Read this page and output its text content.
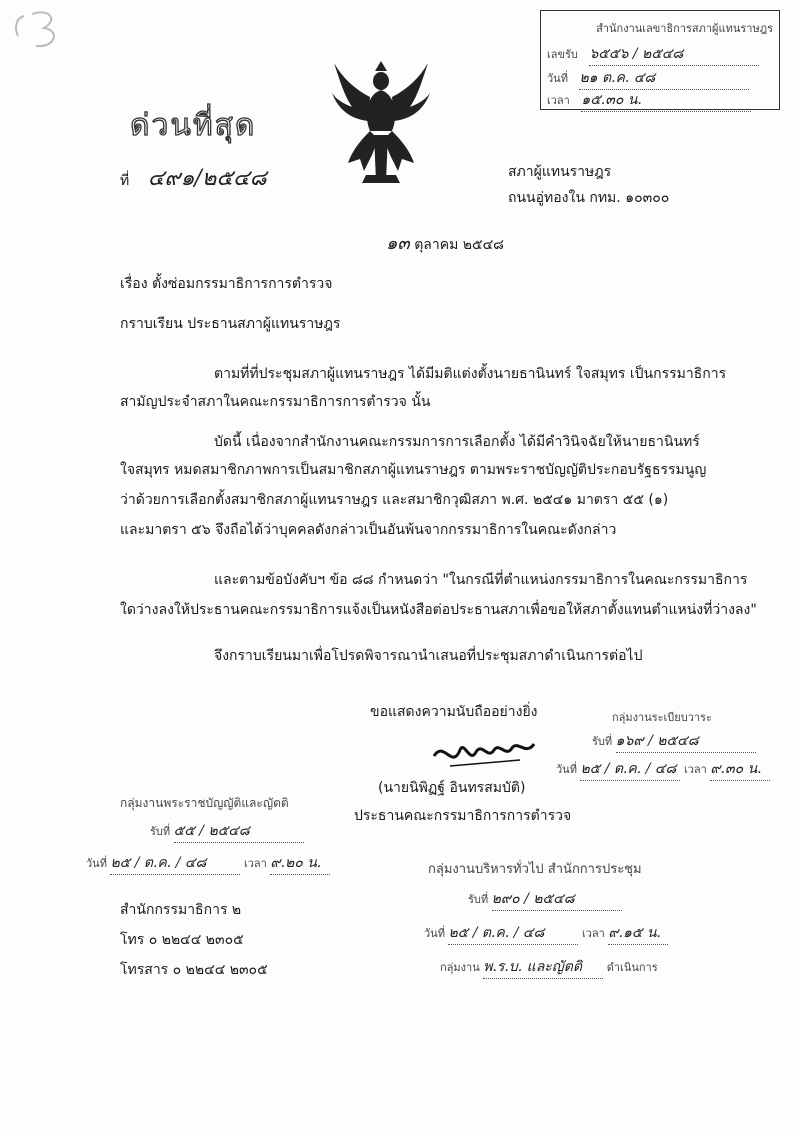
สำนักงานเลขาธิการสภาผู้แทนราษฎร
เลขรับ ๖๕๕๖ / ๒๕๔๘
วันที่ ๒๑ ต.ค. ๔๘
เวลา ๑๕.๓๐ น.
ด่วนที่สุด
ที่ ๔๙๑/๒๕๔๘	สภาผู้แทนราษฎร
ถนนอู่ทองใน กทม. ๑๐๓๐๐
๑๓ ตุลาคม ๒๕๔๘
เรื่อง ตั้งซ่อมกรรมาธิการการตำรวจ
กราบเรียน ประธานสภาผู้แทนราษฎร
ตามที่ที่ประชุมสภาผู้แทนราษฎร ได้มีมติแต่งตั้งนายธานินทร์ ใจสมุทร เป็นกรรมาธิการ
สามัญประจำสภาในคณะกรรมาธิการการตำรวจ นั้น
บัดนี้ เนื่องจากสำนักงานคณะกรรมการการเลือกตั้ง ได้มีคำวินิจฉัยให้นายธานินทร์
ใจสมุทร หมดสมาชิกภาพการเป็นสมาชิกสภาผู้แทนราษฎร ตามพระราชบัญญัติประกอบรัฐธรรมนูญ
ว่าด้วยการเลือกตั้งสมาชิกสภาผู้แทนราษฎร และสมาชิกวุฒิสภา พ.ศ. ๒๕๔๑ มาตรา ๕๕ (๑)
และมาตรา ๕๖ จึงถือได้ว่าบุคคลดังกล่าวเป็นอันพ้นจากกรรมาธิการในคณะดังกล่าว
และตามข้อบังคับฯ ข้อ ๘๘ กำหนดว่า "ในกรณีที่ตำแหน่งกรรมาธิการในคณะกรรมาธิการ
ใดว่างลงให้ประธานคณะกรรมาธิการแจ้งเป็นหนังสือต่อประธานสภาเพื่อขอให้สภาตั้งแทนตำแหน่งที่ว่างลง"
จึงกราบเรียนมาเพื่อโปรดพิจารณานำเสนอที่ประชุมสภาดำเนินการต่อไป
ขอแสดงความนับถืออย่างยิ่ง
(นายนิพิฏฐ์ อินทรสมบัติ)
ประธานคณะกรรมาธิการการตำรวจ
กลุ่มงานระเบียบวาระ
รับที่ ๑๖๙ / ๒๕๔๘
วันที่ ๒๕ / ต.ค. / ๔๘ เวลา ๙.๓๐ น.
กลุ่มงานพระราชบัญญัติและญัตติ
รับที่ ๕๕ / ๒๕๔๘
วันที่ ๒๕ / ต.ค. / ๔๘	เวลา ๙.๒๐ น.	กลุ่มงานบริหารทั่วไป สำนักการประชุม
รับที่ ๒๙๐ / ๒๕๔๘
วันที่ ๒๕ / ต.ค. / ๔๘	เวลา ๙.๑๕ น.
กลุ่มงาน พ.ร.บ. และญัตติ ดำเนินการ
สำนักกรรมาธิการ ๒
โทร ๐ ๒๒๔๔ ๒๓๐๕
โทรสาร ๐ ๒๒๔๔ ๒๓๐๕
